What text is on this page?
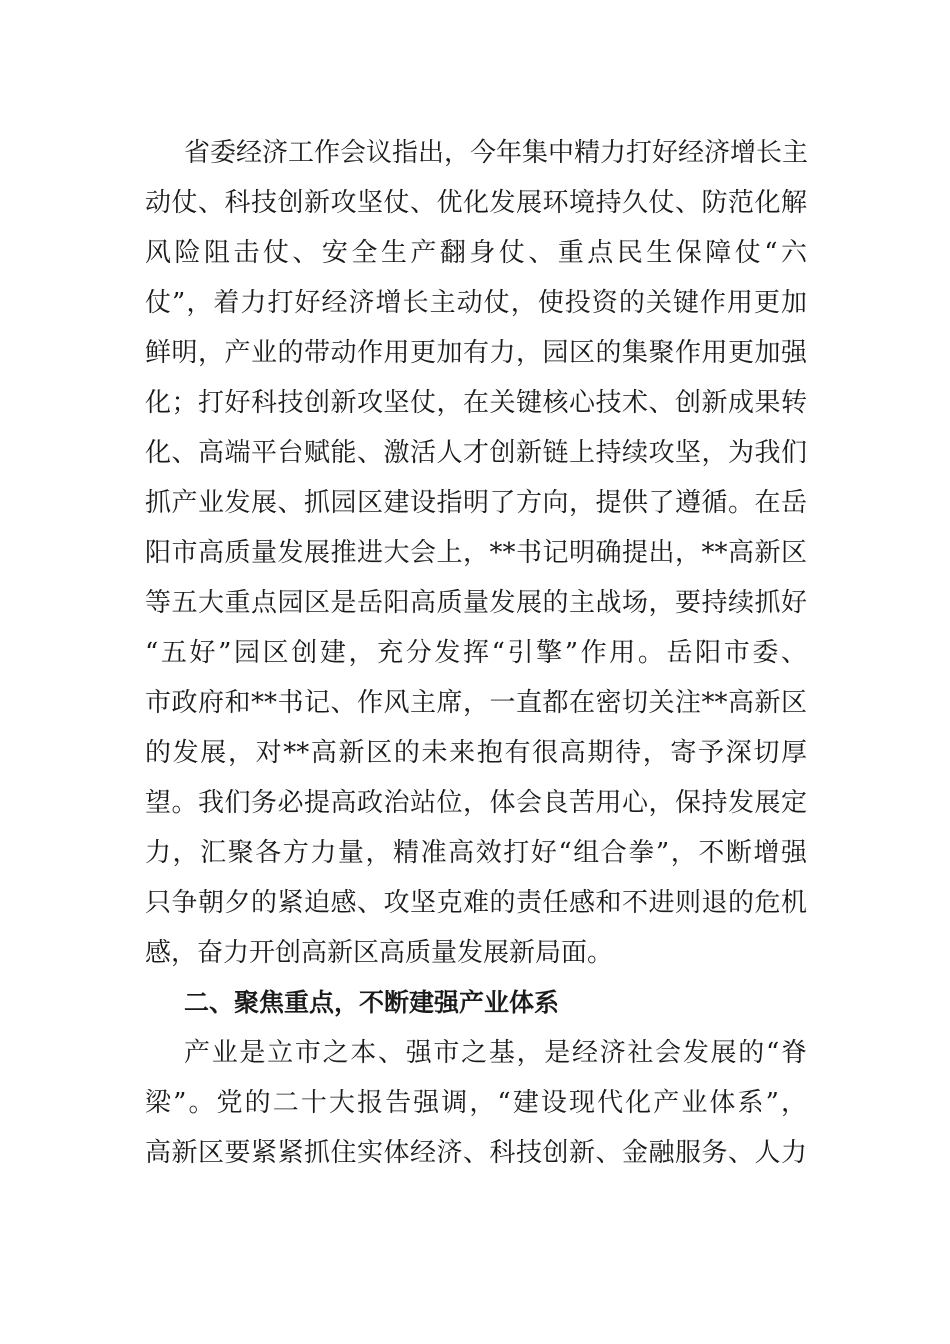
省委经济工作会议指出，今年集中精力打好经济增长主
动仗、科技创新攻坚仗、优化发展环境持久仗、防范化解
风险阻击仗、安全生产翻身仗、重点民生保障仗“六
仗”，着力打好经济增长主动仗，使投资的关键作用更加
鲜明，产业的带动作用更加有力，园区的集聚作用更加强
化；打好科技创新攻坚仗，在关键核心技术、创新成果转
化、高端平台赋能、激活人才创新链上持续攻坚，为我们
抓产业发展、抓园区建设指明了方向，提供了遵循。在岳
阳市高质量发展推进大会上，**书记明确提出，**高新区
等五大重点园区是岳阳高质量发展的主战场，要持续抓好
“五好”园区创建，充分发挥“引擎”作用。岳阳市委、
市政府和**书记、作风主席，一直都在密切关注**高新区
的发展，对**高新区的未来抱有很高期待，寄予深切厚
望。我们务必提高政治站位，体会良苦用心，保持发展定
力，汇聚各方力量，精准高效打好“组合拳”，不断增强
只争朝夕的紧迫感、攻坚克难的责任感和不进则退的危机
感，奋力开创高新区高质量发展新局面。
二、聚焦重点，不断建强产业体系
产业是立市之本、强市之基，是经济社会发展的“脊
梁”。党的二十大报告强调，“建设现代化产业体系”，
高新区要紧紧抓住实体经济、科技创新、金融服务、人力
